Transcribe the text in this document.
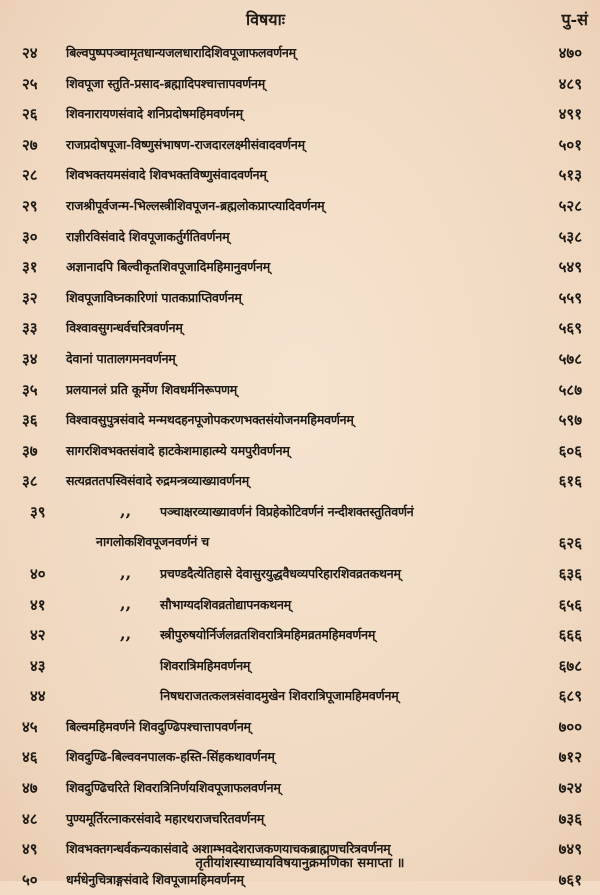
विषयाः	पु-सं
२४	बिल्वपुष्पपञ्चामृतधान्यजलधारादिशिवपूजाफलवर्णनम्	४७०
२५	शिवपूजा स्तुति-प्रसाद-ब्रह्मादिपश्चात्तापवर्णनम्	४८९
२६	शिवनारायणसंवादे शनिप्रदोषमहिमवर्णनम्	४९१
२७	राजप्रदोषपूजा-विष्णुसंभाषण-राजदारलक्ष्मीसंवादवर्णनम्	५०१
२८	शिवभक्तयमसंवादे शिवभक्तविष्णुसंवादवर्णनम्	५१३
२९	राजश्रीपूर्वजन्म-भिल्लस्त्रीशिवपूजन-ब्रह्मलोकप्राप्त्यादिवर्णनम्	५२८
३०	राज्ञीरविसंवादे शिवपूजाकर्तुर्गतिवर्णनम्	५३८
३१	अज्ञानादपि बिल्वीकृतशिवपूजादिमहिमानुवर्णनम्	५४९
३२	शिवपूजाविघ्नकारिणां पातकप्राप्तिवर्णनम्	५५९
३३	विश्वावसुगन्धर्वचरित्रवर्णनम्	५६९
३४	देवानां पातालगमनवर्णनम्	५७८
३५	प्रलयानलं प्रति कूर्मेण शिवधर्मनिरूपणम्	५८७
३६	विश्वावसुपुत्रसंवादे मन्मथदहनपूजोपकरणभक्तसंयोजनमहिमवर्णनम्	५९७
३७	सागरशिवभक्तसंवादे हाटकेशमाहात्म्ये यमपुरीवर्णनम्	६०६
३८	सत्यव्रततपस्विसंवादे रुद्रमन्त्रव्याख्यावर्णनम्	६१६
३९	,, पञ्चाक्षरव्याख्यावर्णनं विप्रहेकोटिवर्णनं नन्दीशक्तस्तुतिवर्णनं
नागलोकशिवपूजनवर्णनं च	६२६
४०	,, प्रचण्डदैत्येतिहासे देवासुरयुद्धवैधव्यपरिहारशिवव्रतकथनम्	६३६
४१	,, सौभाग्यदशिवव्रतोद्यापनकथनम्	६५६
४२	,, स्त्रीपुरुषयोर्निर्जलव्रतशिवरात्रिमहिमव्रतमहिमवर्णनम्	६६६
४३	शिवरात्रिमहिमवर्णनम्	६७८
४४	निषधराजतत्कलत्रसंवादमुखेन शिवरात्रिपूजामहिमवर्णनम्	६८९
४५	बिल्वमहिमवर्णने शिवदुण्ढिपश्चात्तापवर्णनम्	७००
४६	शिवदुण्ढि-बिल्ववनपालक-हस्ति-सिंहकथावर्णनम्	७१२
४७	शिवदुण्ढिचरिते शिवरात्रिनिर्णयशिवपूजाफलवर्णनम्	७२४
४८	पुण्यमूर्तिरत्नाकरसंवादे महारथराजचरितवर्णनम्	७३६
४९	शिवभक्तगन्धर्वकन्यकासंवादे अशाम्भवदेशराजकणयाचकब्राह्मणचरित्रवर्णनम्	७४९
५०	धर्मधेनुचित्राङ्गसंवादे शिवपूजामहिमवर्णनम्	७६१
तृतीयांशस्याध्यायविषयानुक्रमणिका समाप्ता ॥
